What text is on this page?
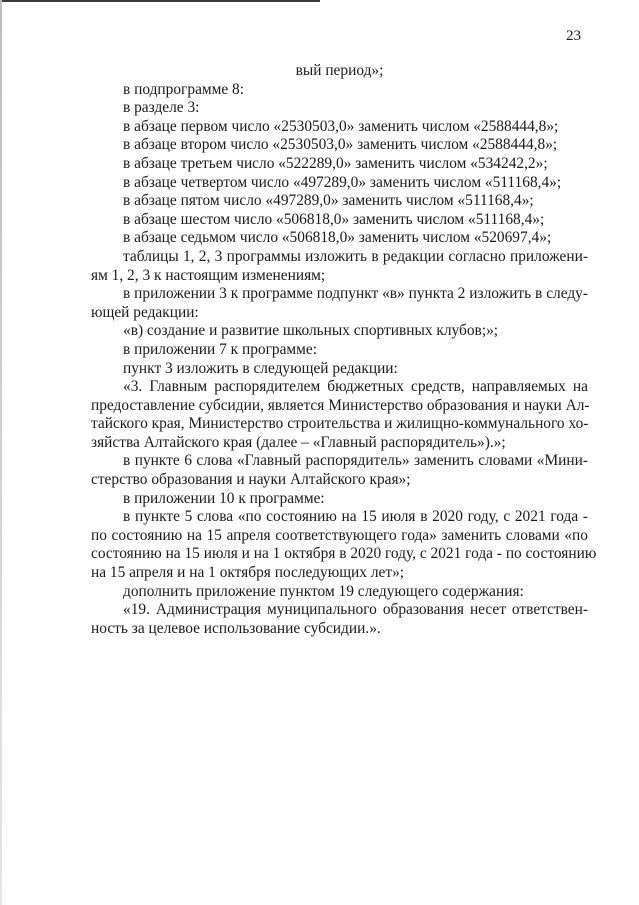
23
вый период»;
в подпрограмме 8:
в разделе 3:
в абзаце первом число «2530503,0» заменить числом «2588444,8»;
в абзаце втором число «2530503,0» заменить числом «2588444,8»;
в абзаце третьем число «522289,0» заменить числом «534242,2»;
в абзаце четвертом число «497289,0» заменить числом «511168,4»;
в абзаце пятом число «497289,0» заменить числом «511168,4»;
в абзаце шестом число «506818,0» заменить числом «511168,4»;
в абзаце седьмом число «506818,0» заменить числом «520697,4»;
таблицы 1, 2, 3 программы изложить в редакции согласно приложени-
ям 1, 2, 3 к настоящим изменениям;
в приложении 3 к программе подпункт «в» пункта 2 изложить в следу-
ющей редакции:
«в) создание и развитие школьных спортивных клубов;»;
в приложении 7 к программе:
пункт 3 изложить в следующей редакции:
«3. Главным распорядителем бюджетных средств, направляемых на
предоставление субсидии, является Министерство образования и науки Ал-
тайского края, Министерство строительства и жилищно-коммунального хо-
зяйства Алтайского края (далее – «Главный распорядитель»).»;
в пункте 6 слова «Главный распорядитель» заменить словами «Мини-
стерство образования и науки Алтайского края»;
в приложении 10 к программе:
в пункте 5 слова «по состоянию на 15 июля в 2020 году, с 2021 года -
по состоянию на 15 апреля соответствующего года» заменить словами «по
состоянию на 15 июля и на 1 октября в 2020 году, с 2021 года - по состоянию
на 15 апреля и на 1 октября последующих лет»;
дополнить приложение пунктом 19 следующего содержания:
«19. Администрация муниципального образования несет ответствен-
ность за целевое использование субсидии.».
